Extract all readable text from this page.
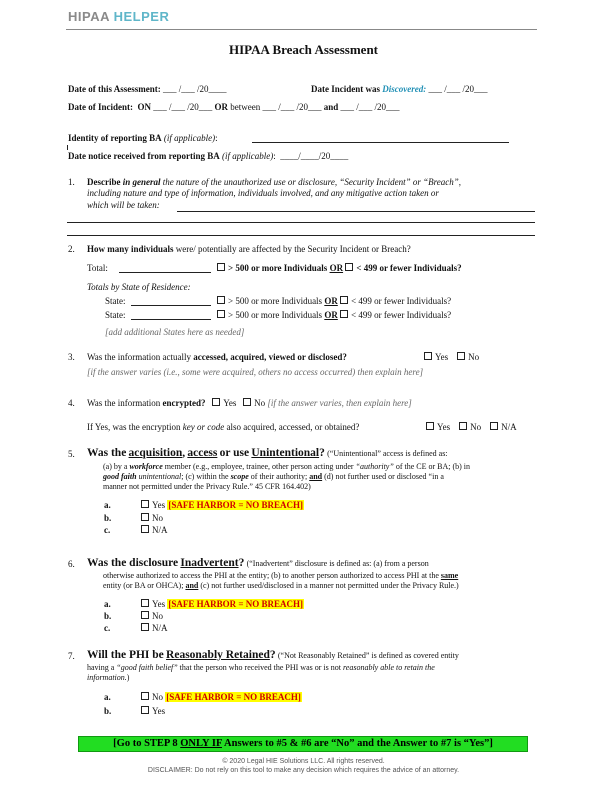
HIPAA HELPER
HIPAA Breach Assessment
Date of this Assessment: ___ /___ /20____	Date Incident was Discovered: ___ /___ /20___
Date of Incident: ON ___ /___ /20___ OR between ___ /___ /20___ and ___ /___ /20___
Identity of reporting BA (if applicable):
Date notice received from reporting BA (if applicable): ____/____/20____
1. Describe in general the nature of the unauthorized use or disclosure, “Security Incident” or “Breach”,
including nature and type of information, individuals involved, and any mitigative action taken or
which will be taken:
2. How many individuals were/ potentially are affected by the Security Incident or Breach?
Total:	> 500 or more Individuals OR < 499 or fewer Individuals?
Totals by State of Residence:
State:	> 500 or more Individuals OR < 499 or fewer Individuals?
State:	> 500 or more Individuals OR < 499 or fewer Individuals?
[add additional States here as needed]
3. Was the information actually accessed, acquired, viewed or disclosed?	Yes No
[if the answer varies (i.e., some were acquired, others no access occurred) then explain here]
4. Was the information encrypted? Yes No [if the answer varies, then explain here]
If Yes, was the encryption key or code also acquired, accessed, or obtained?	Yes No N/A
5. Was the acquisition, access or use Unintentional? (“Unintentional” access is defined as:
(a) by a workforce member (e.g., employee, trainee, other person acting under “authority” of the CE or BA; (b) in
good faith unintentional; (c) within the scope of their authority; and (d) not further used or disclosed “in a
manner not permitted under the Privacy Rule.” 45 CFR 164.402)
a.	Yes [SAFE HARBOR = NO BREACH]
b.	No
c.	N/A
6. Was the disclosure Inadvertent? (“Inadvertent” disclosure is defined as: (a) from a person
otherwise authorized to access the PHI at the entity; (b) to another person authorized to access PHI at the same
entity (or BA or OHCA); and (c) not further used/disclosed in a manner not permitted under the Privacy Rule.)
a.	Yes [SAFE HARBOR = NO BREACH]
b.	No
c.	N/A
7. Will the PHI be Reasonably Retained? (“Not Reasonably Retained” is defined as covered entity
having a “good faith belief” that the person who received the PHI was or is not reasonably able to retain the
information.)
a.	No [SAFE HARBOR = NO BREACH]
b.	Yes
[Go to STEP 8 ONLY IF Answers to #5 & #6 are “No” and the Answer to #7 is “Yes”]
© 2020 Legal HIE Solutions LLC. All rights reserved.
DISCLAIMER: Do not rely on this tool to make any decision which requires the advice of an attorney.
